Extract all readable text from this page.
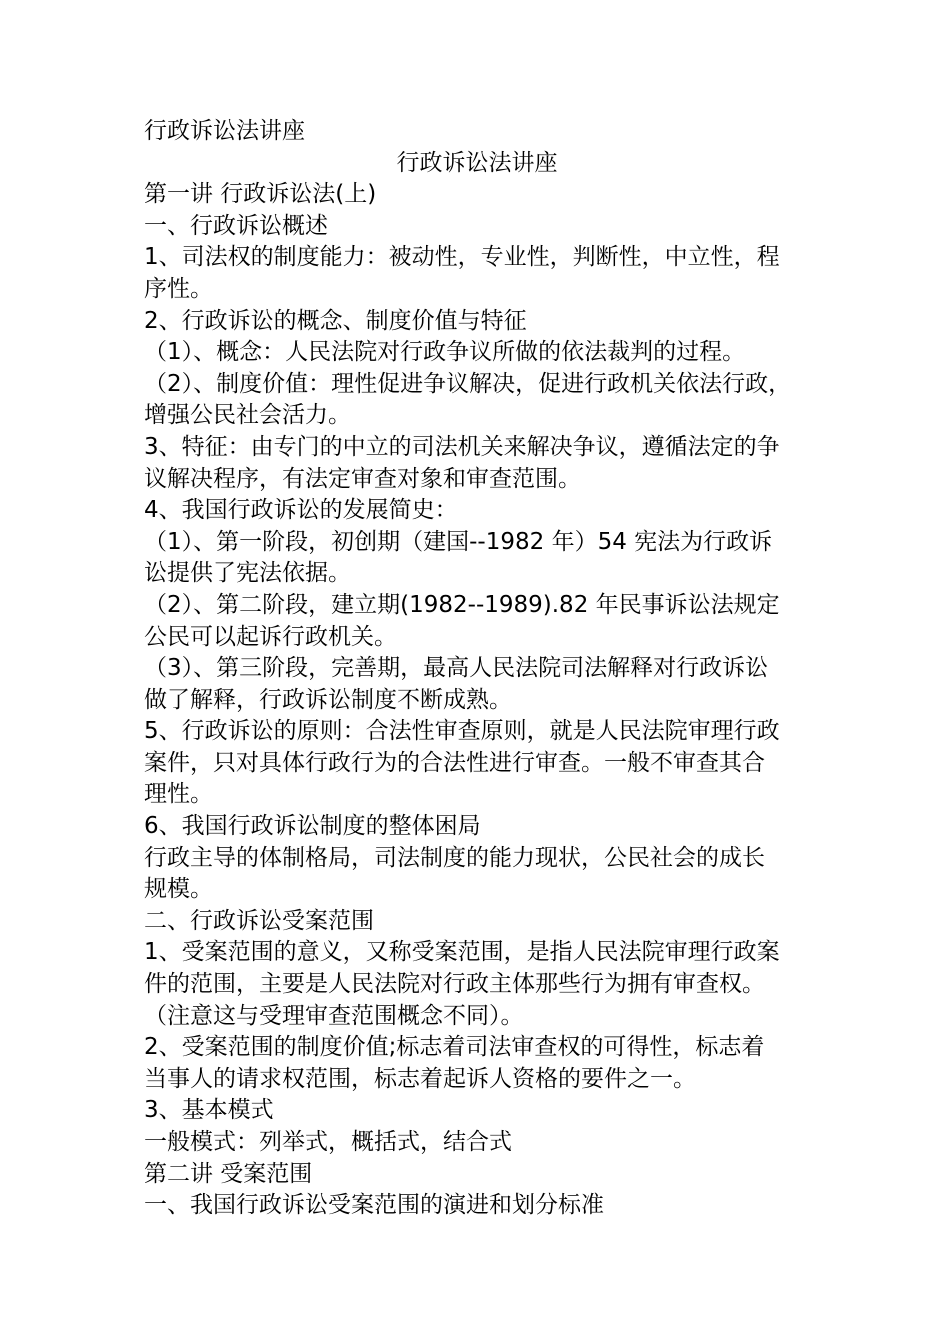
行政诉讼法讲座
行政诉讼法讲座
第一讲 行政诉讼法(上)
一、行政诉讼概述
1、司法权的制度能力：被动性，专业性，判断性，中立性，程
序性。
2、行政诉讼的概念、制度价值与特征
（1）、概念：人民法院对行政争议所做的依法裁判的过程。
（2）、制度价值：理性促进争议解决，促进行政机关依法行政，
增强公民社会活力。
3、特征：由专门的中立的司法机关来解决争议，遵循法定的争
议解决程序，有法定审查对象和审查范围。
4、我国行政诉讼的发展简史：
（1）、第一阶段，初创期（建国--1982 年）54 宪法为行政诉
讼提供了宪法依据。
（2）、第二阶段，建立期(1982--1989).82 年民事诉讼法规定
公民可以起诉行政机关。
（3）、第三阶段，完善期，最高人民法院司法解释对行政诉讼
做了解释，行政诉讼制度不断成熟。
5、行政诉讼的原则：合法性审查原则，就是人民法院审理行政
案件，只对具体行政行为的合法性进行审查。一般不审查其合
理性。
6、我国行政诉讼制度的整体困局
行政主导的体制格局，司法制度的能力现状，公民社会的成长
规模。
二、行政诉讼受案范围
1、受案范围的意义，又称受案范围，是指人民法院审理行政案
件的范围，主要是人民法院对行政主体那些行为拥有审查权。
（注意这与受理审查范围概念不同）。
2、受案范围的制度价值;标志着司法审查权的可得性，标志着
当事人的请求权范围，标志着起诉人资格的要件之一。
3、基本模式
一般模式：列举式，概括式，结合式
第二讲 受案范围
一、我国行政诉讼受案范围的演进和划分标准
